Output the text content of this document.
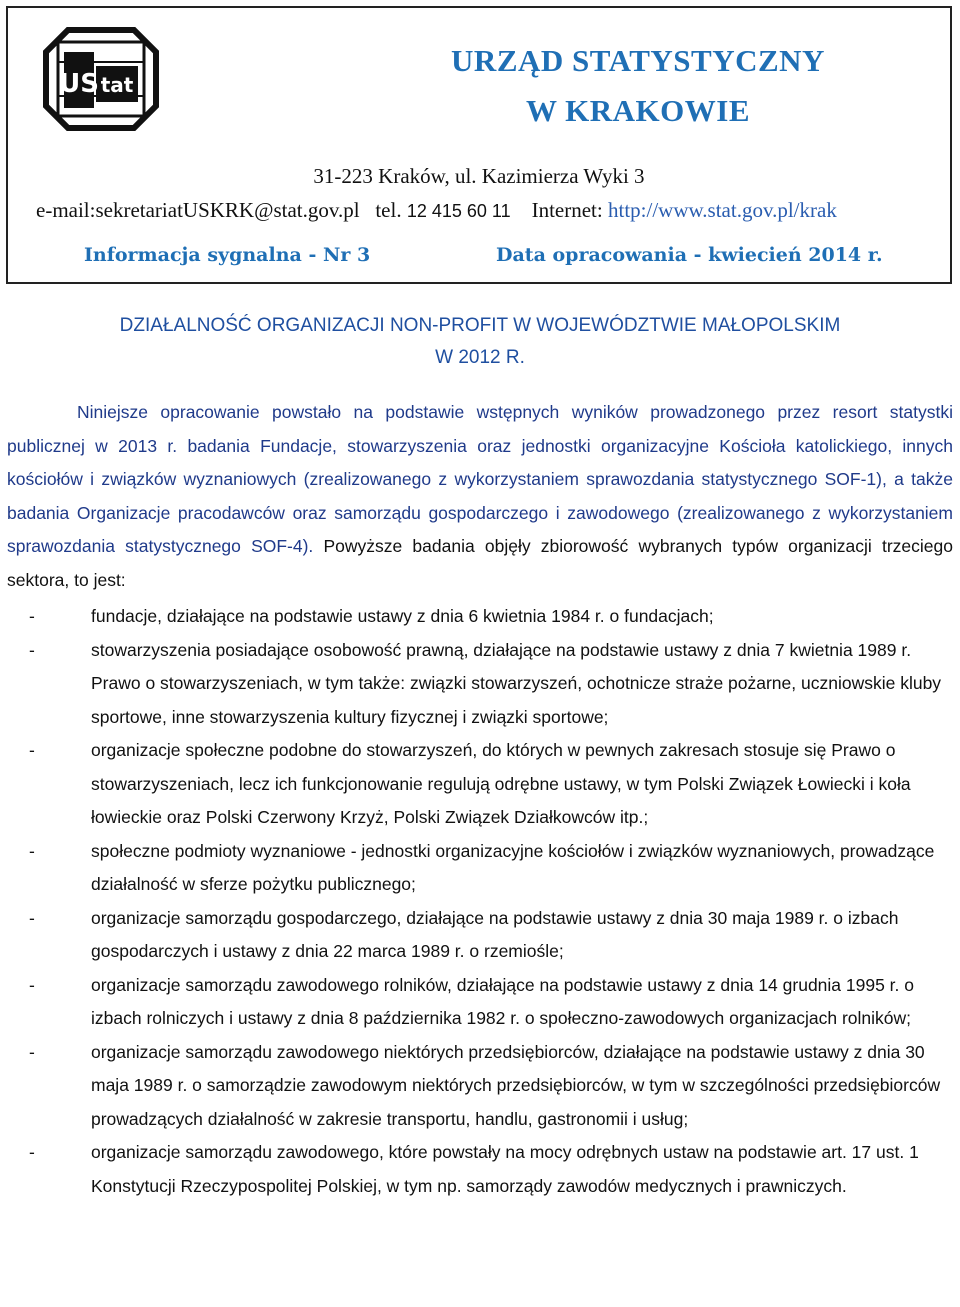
US tat
URZĄD STATYSTYCZNY
W KRAKOWIE
31-223 Kraków, ul. Kazimierza Wyki 3
e-mail:sekretariatUSKRK@stat.gov.pl tel. 12 415 60 11 Internet: http://www.stat.gov.pl/krak
Informacja sygnalna - Nr 3	Data opracowania - kwiecień 2014 r.
DZIAŁALNOŚĆ ORGANIZACJI NON-PROFIT W WOJEWÓDZTWIE MAŁOPOLSKIM
W 2012 R.
Niniejsze opracowanie powstało na podstawie wstępnych wyników prowadzonego przez resort statystki publicznej w 2013 r. badania Fundacje, stowarzyszenia oraz jednostki organizacyjne Kościoła katolickiego, innych kościołów i związków wyznaniowych (zrealizowanego z wykorzystaniem sprawozdania statystycznego SOF-1), a także badania Organizacje pracodawców oraz samorządu gospodarczego i zawodowego (zrealizowanego z wykorzystaniem sprawozdania statystycznego SOF-4). Powyższe badania objęły zbiorowość wybranych typów organizacji trzeciego sektora, to jest:
-	fundacje, działające na podstawie ustawy z dnia 6 kwietnia 1984 r. o fundacjach;
-	stowarzyszenia posiadające osobowość prawną, działające na podstawie ustawy z dnia 7 kwietnia 1989 r. Prawo o stowarzyszeniach, w tym także: związki stowarzyszeń, ochotnicze straże pożarne, uczniowskie kluby sportowe, inne stowarzyszenia kultury fizycznej i związki sportowe;
-	organizacje społeczne podobne do stowarzyszeń, do których w pewnych zakresach stosuje się Prawo o stowarzyszeniach, lecz ich funkcjonowanie regulują odrębne ustawy, w tym Polski Związek Łowiecki i koła łowieckie oraz Polski Czerwony Krzyż, Polski Związek Działkowców itp.;
-	społeczne podmioty wyznaniowe - jednostki organizacyjne kościołów i związków wyznaniowych, prowadzące działalność w sferze pożytku publicznego;
-	organizacje samorządu gospodarczego, działające na podstawie ustawy z dnia 30 maja 1989 r. o izbach gospodarczych i ustawy z dnia 22 marca 1989 r. o rzemiośle;
-	organizacje samorządu zawodowego rolników, działające na podstawie ustawy z dnia 14 grudnia 1995 r. o izbach rolniczych i ustawy z dnia 8 października 1982 r. o społeczno-zawodowych organizacjach rolników;
-	organizacje samorządu zawodowego niektórych przedsiębiorców, działające na podstawie ustawy z dnia 30 maja 1989 r. o samorządzie zawodowym niektórych przedsiębiorców, w tym w szczególności przedsiębiorców prowadzących działalność w zakresie transportu, handlu, gastronomii i usług;
-	organizacje samorządu zawodowego, które powstały na mocy odrębnych ustaw na podstawie art. 17 ust. 1 Konstytucji Rzeczypospolitej Polskiej, w tym np. samorządy zawodów medycznych i prawniczych.
